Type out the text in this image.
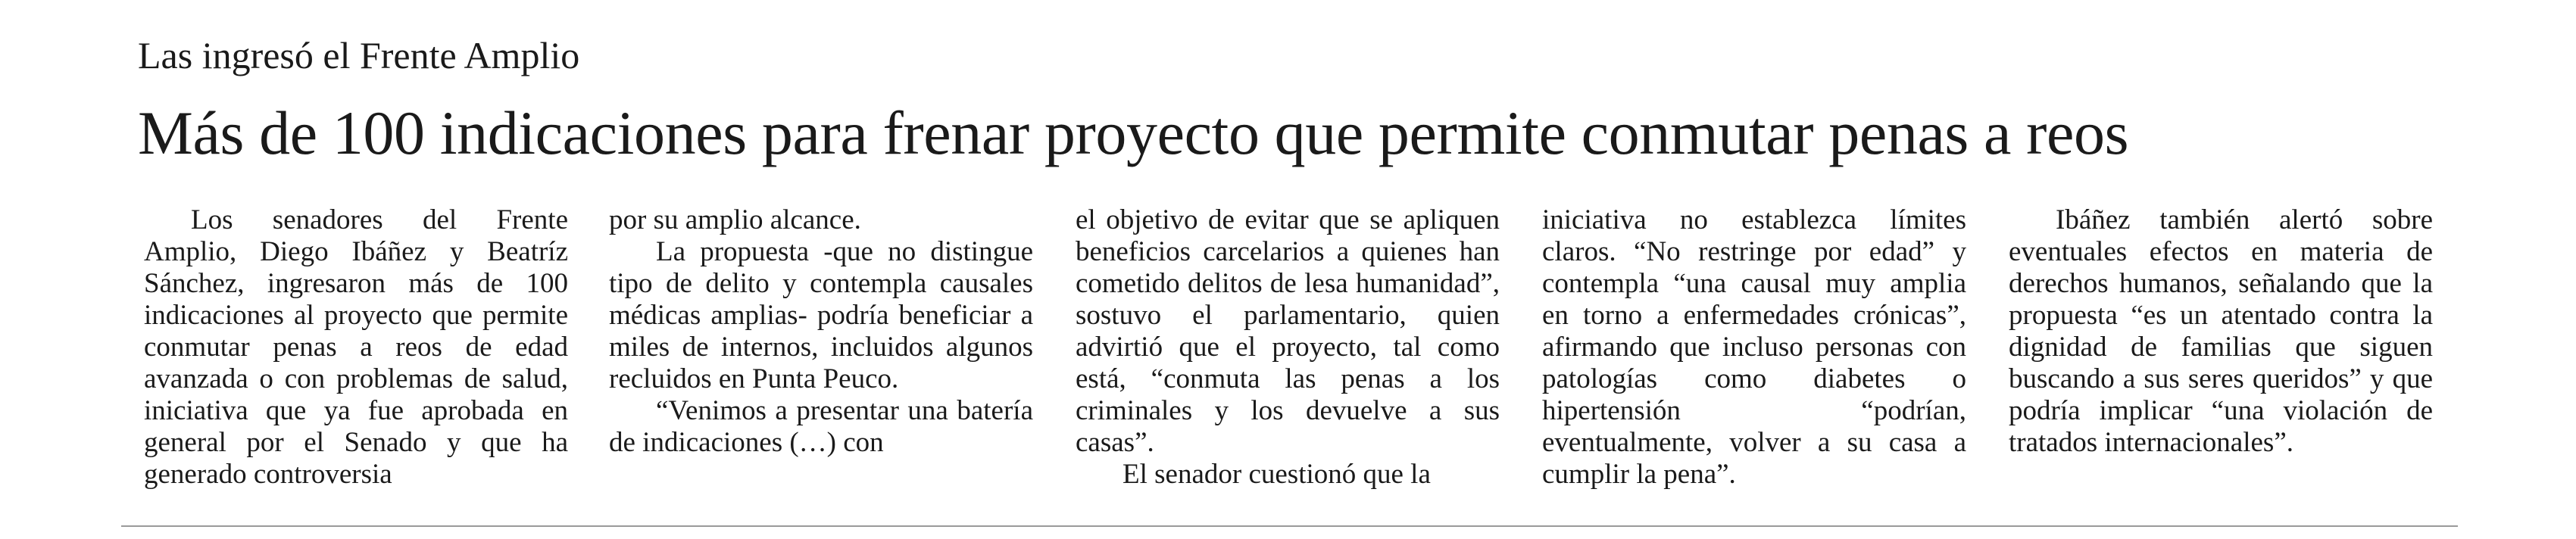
Las ingresó el Frente Amplio
Más de 100 indicaciones para frenar proyecto que permite conmutar penas a reos

Los senadores del Frente Amplio, Diego Ibáñez y Beatríz Sánchez, ingresaron más de 100 indicaciones al proyecto que permite conmutar penas a reos de edad avanzada o con problemas de salud, iniciativa que ya fue aprobada en general por el Senado y que ha generado controversia

por su amplio alcance.

La propuesta -que no distingue tipo de delito y contempla causales médicas amplias- podría beneficiar a miles de internos, incluidos algunos recluidos en Punta Peuco.

“Venimos a presentar una batería de indicaciones (…) con

el objetivo de evitar que se apliquen beneficios carcelarios a quienes han cometido delitos de lesa humanidad”, sostuvo el parlamentario, quien advirtió que el proyecto, tal como está, “conmuta las penas a los criminales y los devuelve a sus casas”.

El senador cuestionó que la

iniciativa no establezca límites claros. “No restringe por edad” y contempla “una causal muy amplia en torno a enfermedades crónicas”, afirmando que incluso personas con patologías como diabetes o hipertensión “podrían, eventualmente, volver a su casa a cumplir la pena”.

Ibáñez también alertó sobre eventuales efectos en materia de derechos humanos, señalando que la propuesta “es un atentado contra la dignidad de familias que siguen buscando a sus seres queridos” y que podría implicar “una violación de tratados internacionales”.
